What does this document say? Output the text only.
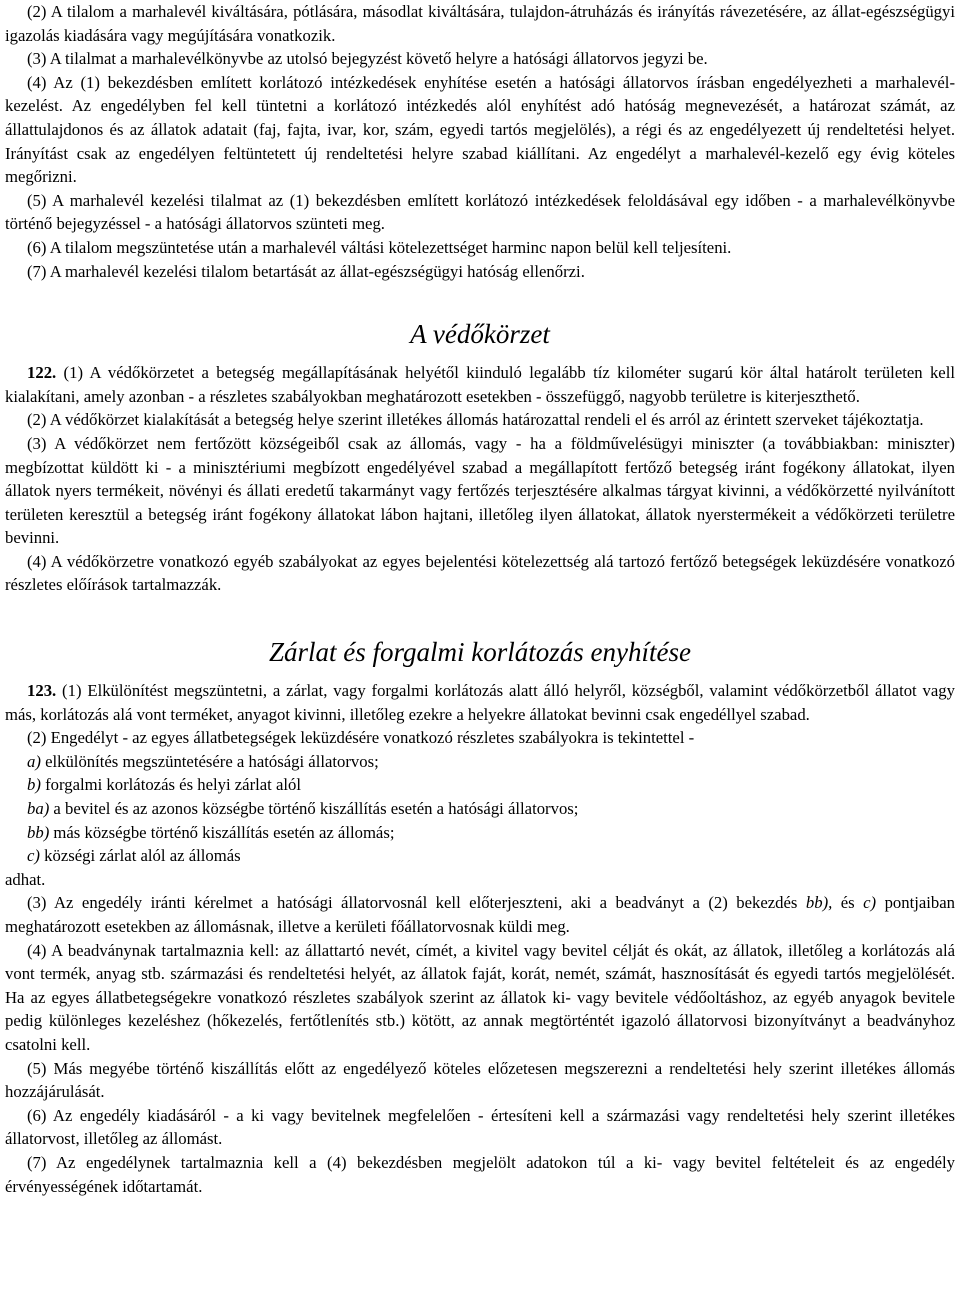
(2) A tilalom a marhalevél kiváltására, pótlására, másodlat kiváltására, tulajdon-átruházás és irányítás rávezetésére, az állat-egészségügyi igazolás kiadására vagy megújítására vonatkozik.

(3) A tilalmat a marhalevélkönyvbe az utolsó bejegyzést követő helyre a hatósági állatorvos jegyzi be.

(4) Az (1) bekezdésben említett korlátozó intézkedések enyhítése esetén a hatósági állatorvos írásban engedélyezheti a marhalevél-kezelést. Az engedélyben fel kell tüntetni a korlátozó intézkedés alól enyhítést adó hatóság megnevezését, a határozat számát, az állattulajdonos és az állatok adatait (faj, fajta, ivar, kor, szám, egyedi tartós megjelölés), a régi és az engedélyezett új rendeltetési helyet. Irányítást csak az engedélyen feltüntetett új rendeltetési helyre szabad kiállítani. Az engedélyt a marhalevél-kezelő egy évig köteles megőrizni.

(5) A marhalevél kezelési tilalmat az (1) bekezdésben említett korlátozó intézkedések feloldásával egy időben - a marhalevélkönyvbe történő bejegyzéssel - a hatósági állatorvos szünteti meg.

(6) A tilalom megszüntetése után a marhalevél váltási kötelezettséget harminc napon belül kell teljesíteni.

(7) A marhalevél kezelési tilalom betartását az állat-egészségügyi hatóság ellenőrzi.

A védőkörzet

122. (1) A védőkörzetet a betegség megállapításának helyétől kiinduló legalább tíz kilométer sugarú kör által határolt területen kell kialakítani, amely azonban - a részletes szabályokban meghatározott esetekben - összefüggő, nagyobb területre is kiterjeszthető.

(2) A védőkörzet kialakítását a betegség helye szerint illetékes állomás határozattal rendeli el és arról az érintett szerveket tájékoztatja.

(3) A védőkörzet nem fertőzött községeiből csak az állomás, vagy - ha a földművelésügyi miniszter (a továbbiakban: miniszter) megbízottat küldött ki - a minisztériumi megbízott engedélyével szabad a megállapított fertőző betegség iránt fogékony állatokat, ilyen állatok nyers termékeit, növényi és állati eredetű takarmányt vagy fertőzés terjesztésére alkalmas tárgyat kivinni, a védőkörzetté nyilvánított területen keresztül a betegség iránt fogékony állatokat lábon hajtani, illetőleg ilyen állatokat, állatok nyerstermékeit a védőkörzeti területre bevinni.

(4) A védőkörzetre vonatkozó egyéb szabályokat az egyes bejelentési kötelezettség alá tartozó fertőző betegségek leküzdésére vonatkozó részletes előírások tartalmazzák.

Zárlat és forgalmi korlátozás enyhítése

123. (1) Elkülönítést megszüntetni, a zárlat, vagy forgalmi korlátozás alatt álló helyről, községből, valamint védőkörzetből állatot vagy más, korlátozás alá vont terméket, anyagot kivinni, illetőleg ezekre a helyekre állatokat bevinni csak engedéllyel szabad.

(2) Engedélyt - az egyes állatbetegségek leküzdésére vonatkozó részletes szabályokra is tekintettel -

a) elkülönítés megszüntetésére a hatósági állatorvos;

b) forgalmi korlátozás és helyi zárlat alól

ba) a bevitel és az azonos községbe történő kiszállítás esetén a hatósági állatorvos;

bb) más községbe történő kiszállítás esetén az állomás;

c) községi zárlat alól az állomás

adhat.

(3) Az engedély iránti kérelmet a hatósági állatorvosnál kell előterjeszteni, aki a beadványt a (2) bekezdés bb), és c) pontjaiban meghatározott esetekben az állomásnak, illetve a kerületi főállatorvosnak küldi meg.

(4) A beadványnak tartalmaznia kell: az állattartó nevét, címét, a kivitel vagy bevitel célját és okát, az állatok, illetőleg a korlátozás alá vont termék, anyag stb. származási és rendeltetési helyét, az állatok faját, korát, nemét, számát, hasznosítását és egyedi tartós megjelölését. Ha az egyes állatbetegségekre vonatkozó részletes szabályok szerint az állatok ki- vagy bevitele védőoltáshoz, az egyéb anyagok bevitele pedig különleges kezeléshez (hőkezelés, fertőtlenítés stb.) kötött, az annak megtörténtét igazoló állatorvosi bizonyítványt a beadványhoz csatolni kell.

(5) Más megyébe történő kiszállítás előtt az engedélyező köteles előzetesen megszerezni a rendeltetési hely szerint illetékes állomás hozzájárulását.

(6) Az engedély kiadásáról - a ki vagy bevitelnek megfelelően - értesíteni kell a származási vagy rendeltetési hely szerint illetékes állatorvost, illetőleg az állomást.

(7) Az engedélynek tartalmaznia kell a (4) bekezdésben megjelölt adatokon túl a ki- vagy bevitel feltételeit és az engedély érvényességének időtartamát.
